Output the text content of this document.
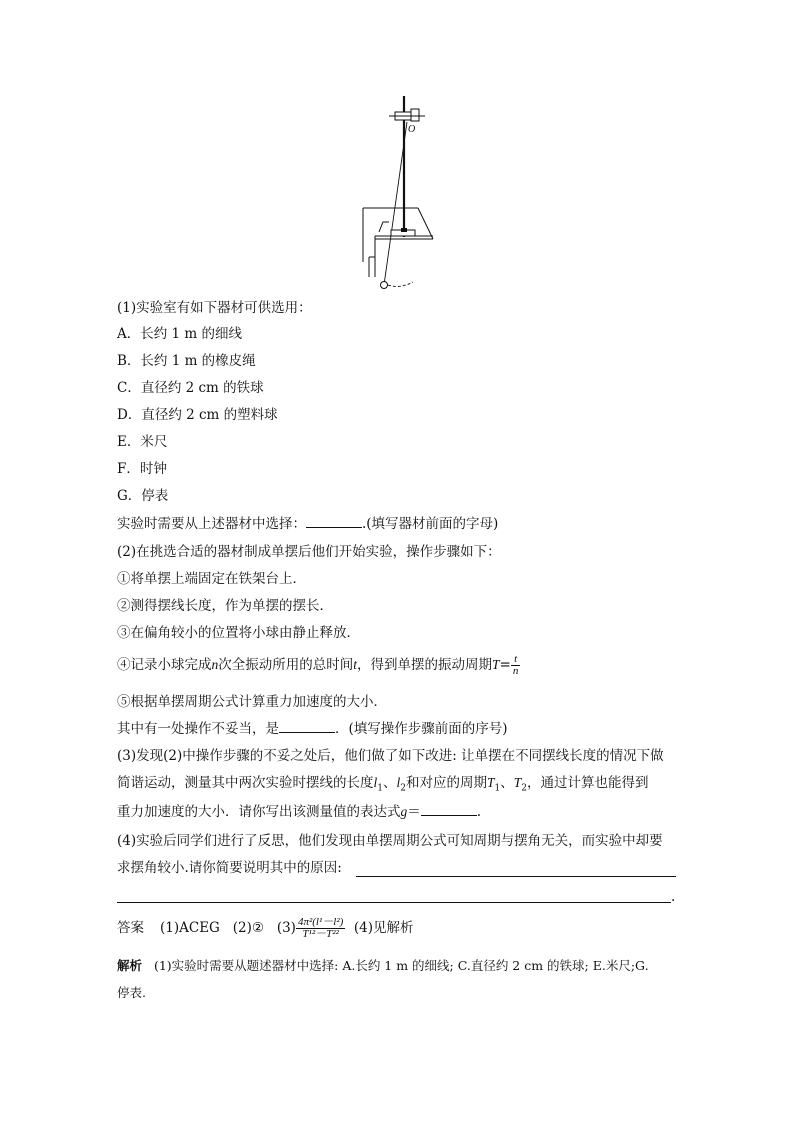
O
(1)实验室有如下器材可供选用：
A．长约 1 m 的细线
B．长约 1 m 的橡皮绳
C．直径约 2 cm 的铁球
D．直径约 2 cm 的塑料球
E．米尺
F．时钟
G．停表
实验时需要从上述器材中选择：	.(填写器材前面的字母)
(2)在挑选合适的器材制成单摆后他们开始实验，操作步骤如下：
①将单摆上端固定在铁架台上．
②测得摆线长度，作为单摆的摆长．
③在偏角较小的位置将小球由静止释放．
④记录小球完成n次全振动所用的总时间t，得到单摆的振动周期$T= \frac{t}{n}$
⑤根据单摆周期公式计算重力加速度的大小．
其中有一处操作不妥当，是	．(填写操作步骤前面的序号)
(3)发现(2)中操作步骤的不妥之处后，他们做了如下改进: 让单摆在不同摆线长度的情况下做
简谐运动，测量其中两次实验时摆线的长度$l_1$、$l_2$和对应的周期$T_1$、$T_2$，通过计算也能得到
重力加速度的大小．请你写出该测量值的表达式g＝	.
(4)实验后同学们进行了反思，他们发现由单摆周期公式可知周期与摆角无关，而实验中却要
求摆角较小.请你简要说明其中的原因:
.
答案 (1)ACEG (2)② $(3) \frac{\text{4π²(l¹－l²)}}{\text{T¹²－T²²}} (4)$见解析
解析 (1)实验时需要从题述器材中选择: A.长约 1 m 的细线; C.直径约 2 cm 的铁球; E.米尺;G.
停表.
